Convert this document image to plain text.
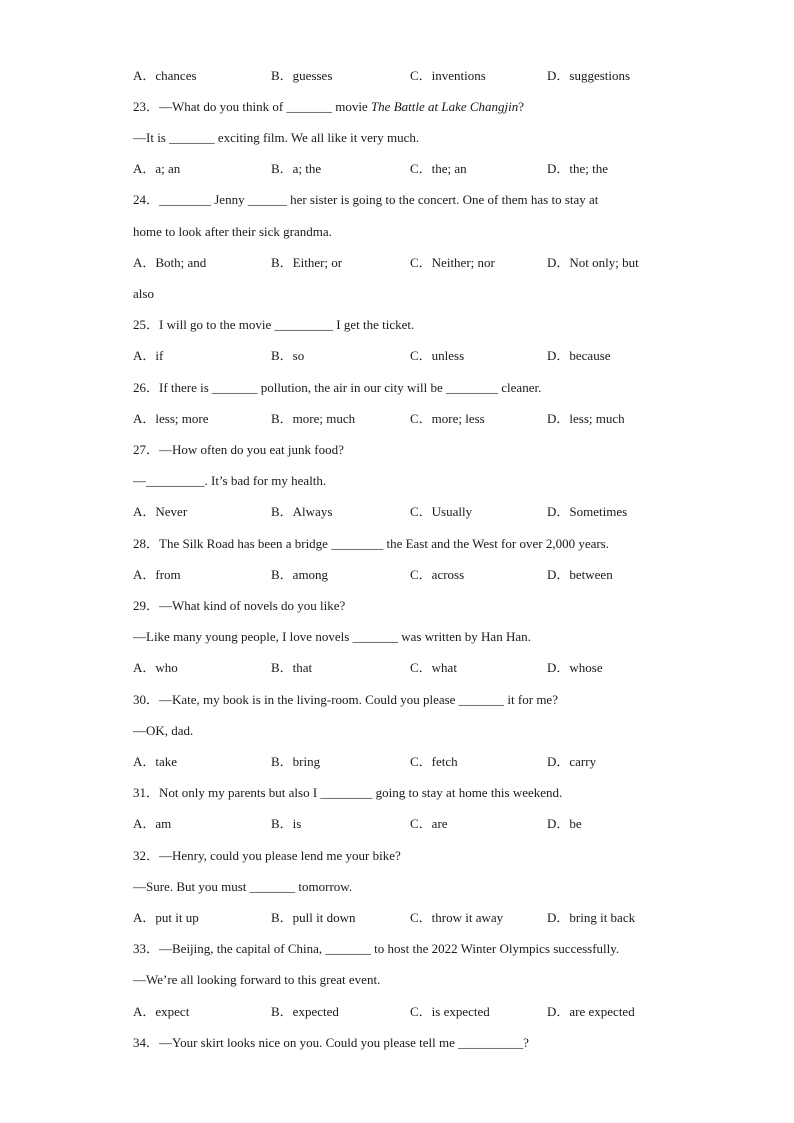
A．chances	B．guesses	C．inventions	D．suggestions
23．—What do you think of _______ movie The Battle at Lake Changjin?
—It is _______ exciting film. We all like it very much.
A．a; an	B．a; the	C．the; an	D．the; the
24．________ Jenny ______ her sister is going to the concert. One of them has to stay at
home to look after their sick grandma.
A．Both; and	B．Either; or	C．Neither; nor	D．Not only; but
also
25．I will go to the movie _________ I get the ticket.
A．if	B．so	C．unless	D．because
26．If there is _______ pollution, the air in our city will be ________ cleaner.
A．less; more	B．more; much	C．more; less	D．less; much
27．—How often do you eat junk food?
—_________. It’s bad for my health.
A．Never	B．Always	C．Usually	D．Sometimes
28．The Silk Road has been a bridge ________ the East and the West for over 2,000 years.
A．from	B．among	C．across	D．between
29．—What kind of novels do you like?
—Like many young people, I love novels _______ was written by Han Han.
A．who	B．that	C．what	D．whose
30．—Kate, my book is in the living-room. Could you please _______ it for me?
—OK, dad.
A．take	B．bring	C．fetch	D．carry
31．Not only my parents but also I ________ going to stay at home this weekend.
A．am	B．is	C．are	D．be
32．—Henry, could you please lend me your bike?
—Sure. But you must _______ tomorrow.
A．put it up	B．pull it down	C．throw it away	D．bring it back
33．—Beijing, the capital of China, _______ to host the 2022 Winter Olympics successfully.
—We’re all looking forward to this great event.
A．expect	B．expected	C．is expected	D．are expected
34．—Your skirt looks nice on you. Could you please tell me __________?
